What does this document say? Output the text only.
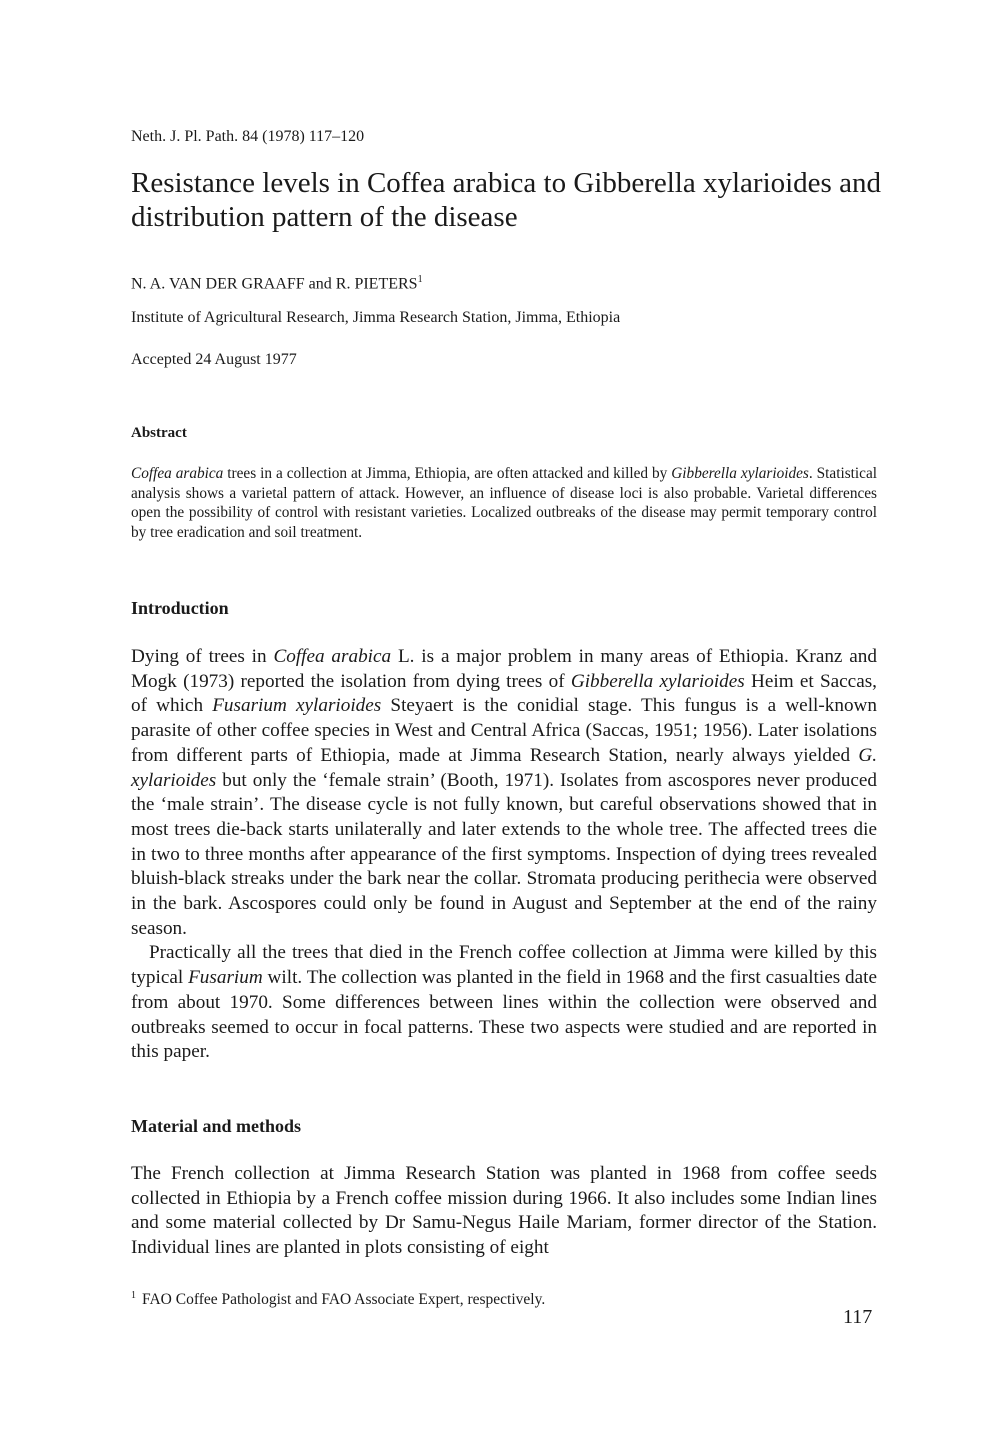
Neth. J. Pl. Path. 84 (1978) 117–120
Resistance levels in Coffea arabica to Gibberella xylarioides and distribution pattern of the disease
N. A. VAN DER GRAAFF and R. PIETERS$^1$
Institute of Agricultural Research, Jimma Research Station, Jimma, Ethiopia
Accepted 24 August 1977
Abstract
Coffea arabica trees in a collection at Jimma, Ethiopia, are often attacked and killed by Gibberella xylarioides. Statistical analysis shows a varietal pattern of attack. However, an influence of disease loci is also probable. Varietal differences open the possibility of control with resistant varieties. Localized outbreaks of the disease may permit temporary control by tree eradication and soil treatment.
Introduction

Dying of trees in Coffea arabica L. is a major problem in many areas of Ethiopia. Kranz and Mogk (1973) reported the isolation from dying trees of Gibberella xylarioides Heim et Saccas, of which Fusarium xylarioides Steyaert is the conidial stage. This fungus is a well-known parasite of other coffee species in West and Central Africa (Saccas, 1951; 1956). Later isolations from different parts of Ethiopia, made at Jimma Research Station, nearly always yielded G. xylarioides but only the ‘female strain’ (Booth, 1971). Isolates from ascospores never produced the ‘male strain’. The disease cycle is not fully known, but careful observations showed that in most trees die-back starts unilaterally and later extends to the whole tree. The affected trees die in two to three months after appearance of the first symptoms. Inspection of dying trees revealed bluish-black streaks under the bark near the collar. Stromata producing perithecia were observed in the bark. Ascospores could only be found in August and September at the end of the rainy season.

Practically all the trees that died in the French coffee collection at Jimma were killed by this typical Fusarium wilt. The collection was planted in the field in 1968 and the first casualties date from about 1970. Some differences between lines within the collection were observed and outbreaks seemed to occur in focal patterns. These two aspects were studied and are reported in this paper.

Material and methods
The French collection at Jimma Research Station was planted in 1968 from coffee seeds collected in Ethiopia by a French coffee mission during 1966. It also includes some Indian lines and some material collected by Dr Samu-Negus Haile Mariam, former director of the Station. Individual lines are planted in plots consisting of eight
$^1$ FAO Coffee Pathologist and FAO Associate Expert, respectively.
117
